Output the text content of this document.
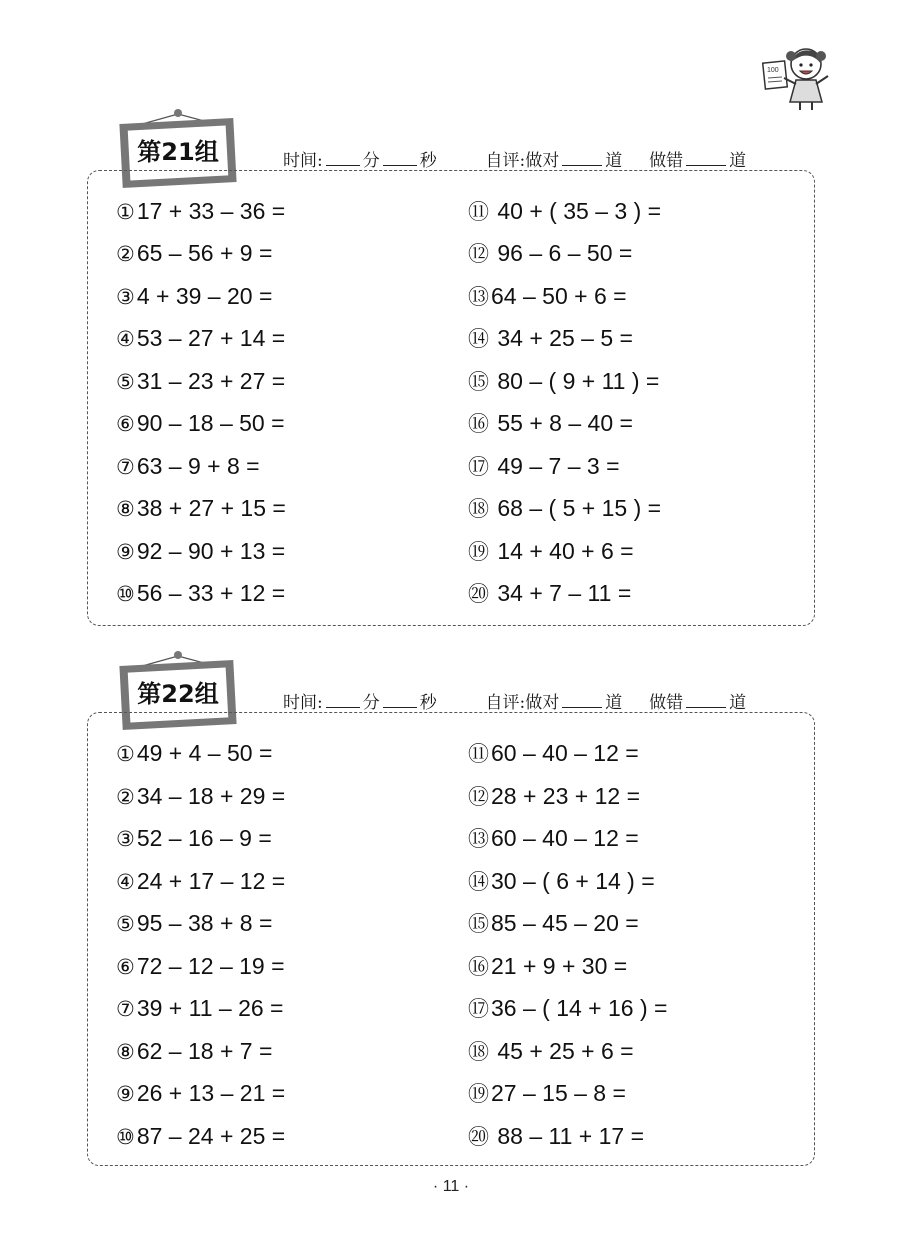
100
第21组	时间: 分 秒	自评:做对	道 做错	道
①17 + 33 – 36 =
②65 – 56 + 9 =
③4 + 39 – 20 =
④53 – 27 + 14 =
⑤31 – 23 + 27 =
⑥90 – 18 – 50 =
⑦63 – 9 + 8 =
⑧38 + 27 + 15 =
⑨92 – 90 + 13 =
⑩56 – 33 + 12 =
⑪ 40 + ( 35 – 3 ) =
⑫ 96 – 6 – 50 =
⑬64 – 50 + 6 =
⑭ 34 + 25 – 5 =
⑮ 80 – ( 9 + 11 ) =
⑯ 55 + 8 – 40 =
⑰ 49 – 7 – 3 =
⑱ 68 – ( 5 + 15 ) =
⑲ 14 + 40 + 6 =
⑳ 34 + 7 – 11 =
第22组	时间: 分 秒	自评:做对	道 做错	道
①49 + 4 – 50 =
②34 – 18 + 29 =
③52 – 16 – 9 =
④24 + 17 – 12 =
⑤95 – 38 + 8 =
⑥72 – 12 – 19 =
⑦39 + 11 – 26 =
⑧62 – 18 + 7 =
⑨26 + 13 – 21 =
⑩87 – 24 + 25 =
⑪60 – 40 – 12 =
⑫28 + 23 + 12 =
⑬60 – 40 – 12 =
⑭30 – ( 6 + 14 ) =
⑮85 – 45 – 20 =
⑯21 + 9 + 30 =
⑰36 – ( 14 + 16 ) =
⑱ 45 + 25 + 6 =
⑲27 – 15 – 8 =
⑳ 88 – 11 + 17 =
· 11 ·
